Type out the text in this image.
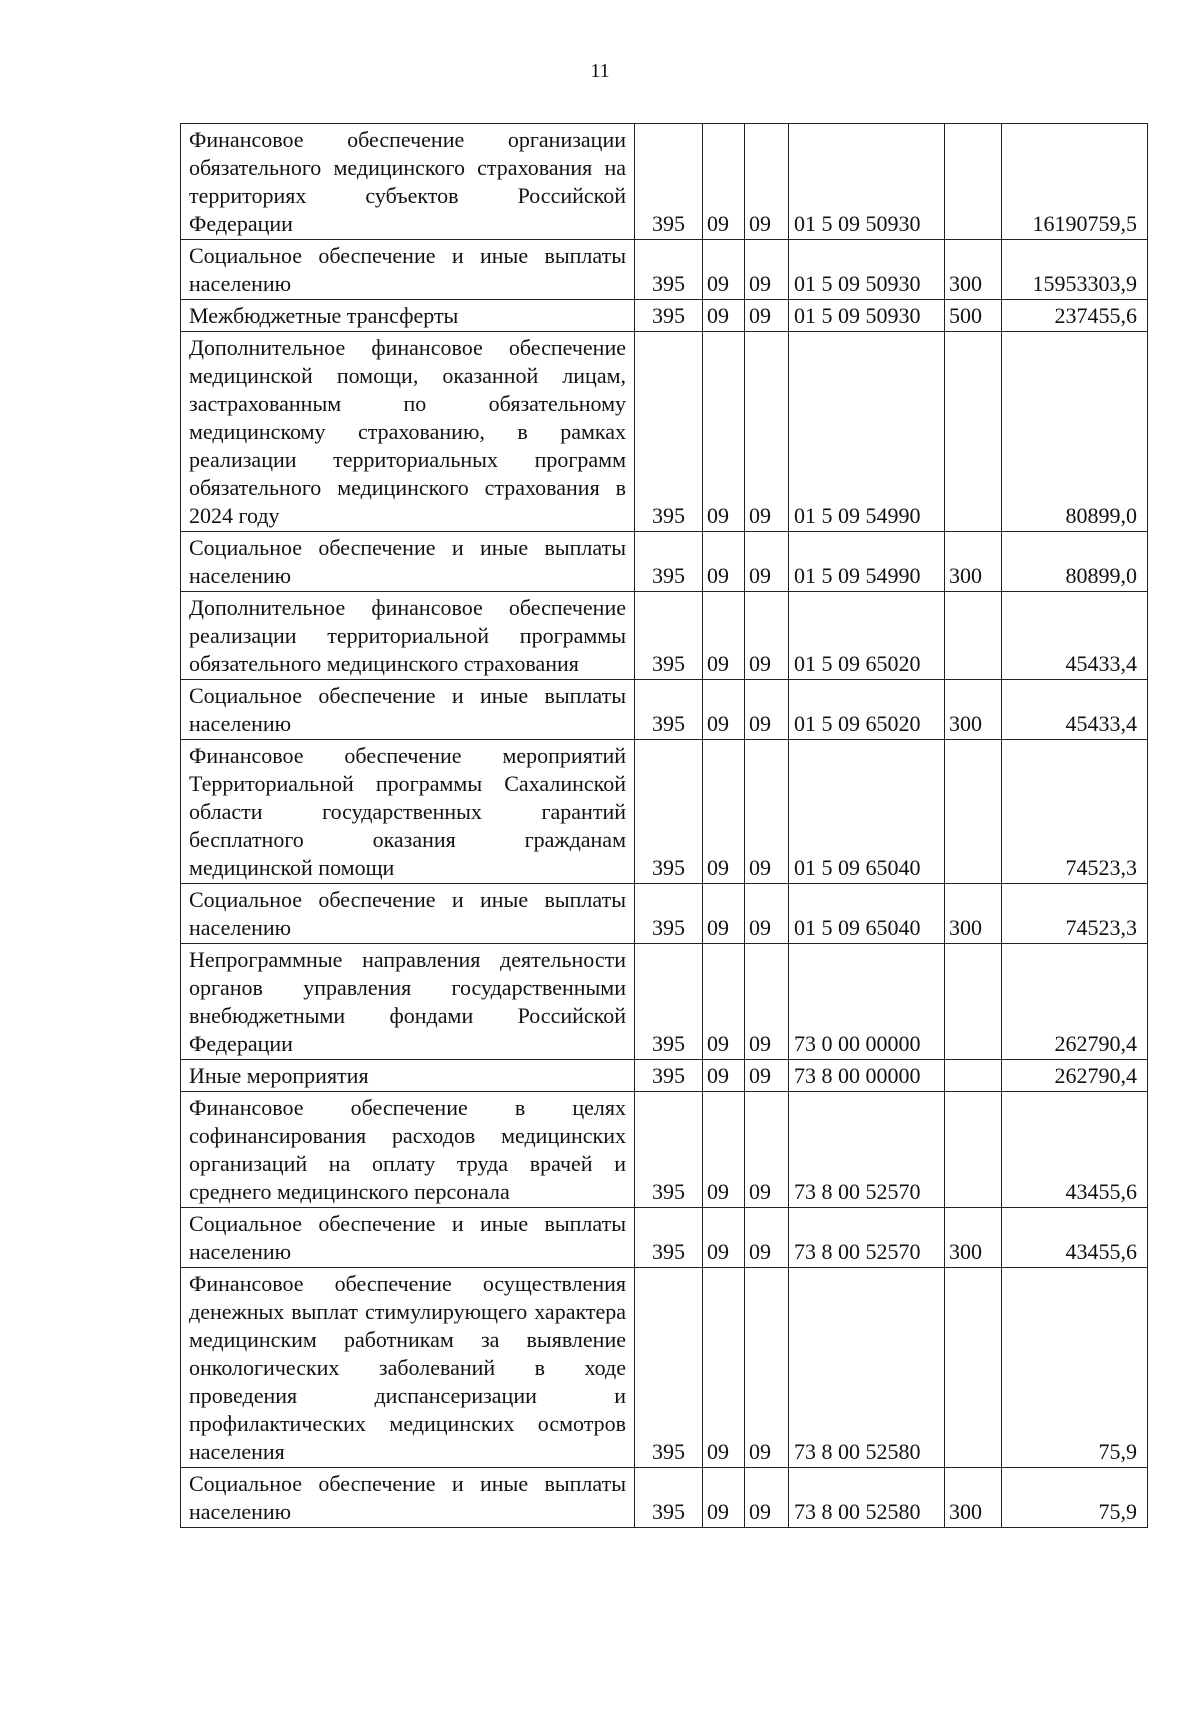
11
Финансовое обеспечение организации обязательного медицинского страхования на территориях субъектов Российской Федерации	395	09	09	01 5 09 50930		16190759,5
Социальное обеспечение и иные выплаты населению	395	09	09	01 5 09 50930	300	15953303,9
Межбюджетные трансферты	395	09	09	01 5 09 50930	500	237455,6
Дополнительное финансовое обеспечение медицинской помощи, оказанной лицам, застрахованным по обязательному медицинскому страхованию, в рамках реализации территориальных программ обязательного медицинского страхования в 2024 году	395	09	09	01 5 09 54990		80899,0
Социальное обеспечение и иные выплаты населению	395	09	09	01 5 09 54990	300	80899,0
Дополнительное финансовое обеспечение реализации территориальной программы обязательного медицинского страхования	395	09	09	01 5 09 65020		45433,4
Социальное обеспечение и иные выплаты населению	395	09	09	01 5 09 65020	300	45433,4
Финансовое обеспечение мероприятий Территориальной программы Сахалинской области государственных гарантий бесплатного оказания гражданам медицинской помощи	395	09	09	01 5 09 65040		74523,3
Социальное обеспечение и иные выплаты населению	395	09	09	01 5 09 65040	300	74523,3
Непрограммные направления деятельности органов управления государственными внебюджетными фондами Российской Федерации	395	09	09	73 0 00 00000		262790,4
Иные мероприятия	395	09	09	73 8 00 00000		262790,4
Финансовое обеспечение в целях софинансирования расходов медицинских организаций на оплату труда врачей и среднего медицинского персонала	395	09	09	73 8 00 52570		43455,6
Социальное обеспечение и иные выплаты населению	395	09	09	73 8 00 52570	300	43455,6
Финансовое обеспечение осуществления денежных выплат стимулирующего характера медицинским работникам за выявление онкологических заболеваний в ходе проведения диспансеризации и профилактических медицинских осмотров населения	395	09	09	73 8 00 52580		75,9
Социальное обеспечение и иные выплаты населению	395	09	09	73 8 00 52580	300	75,9
